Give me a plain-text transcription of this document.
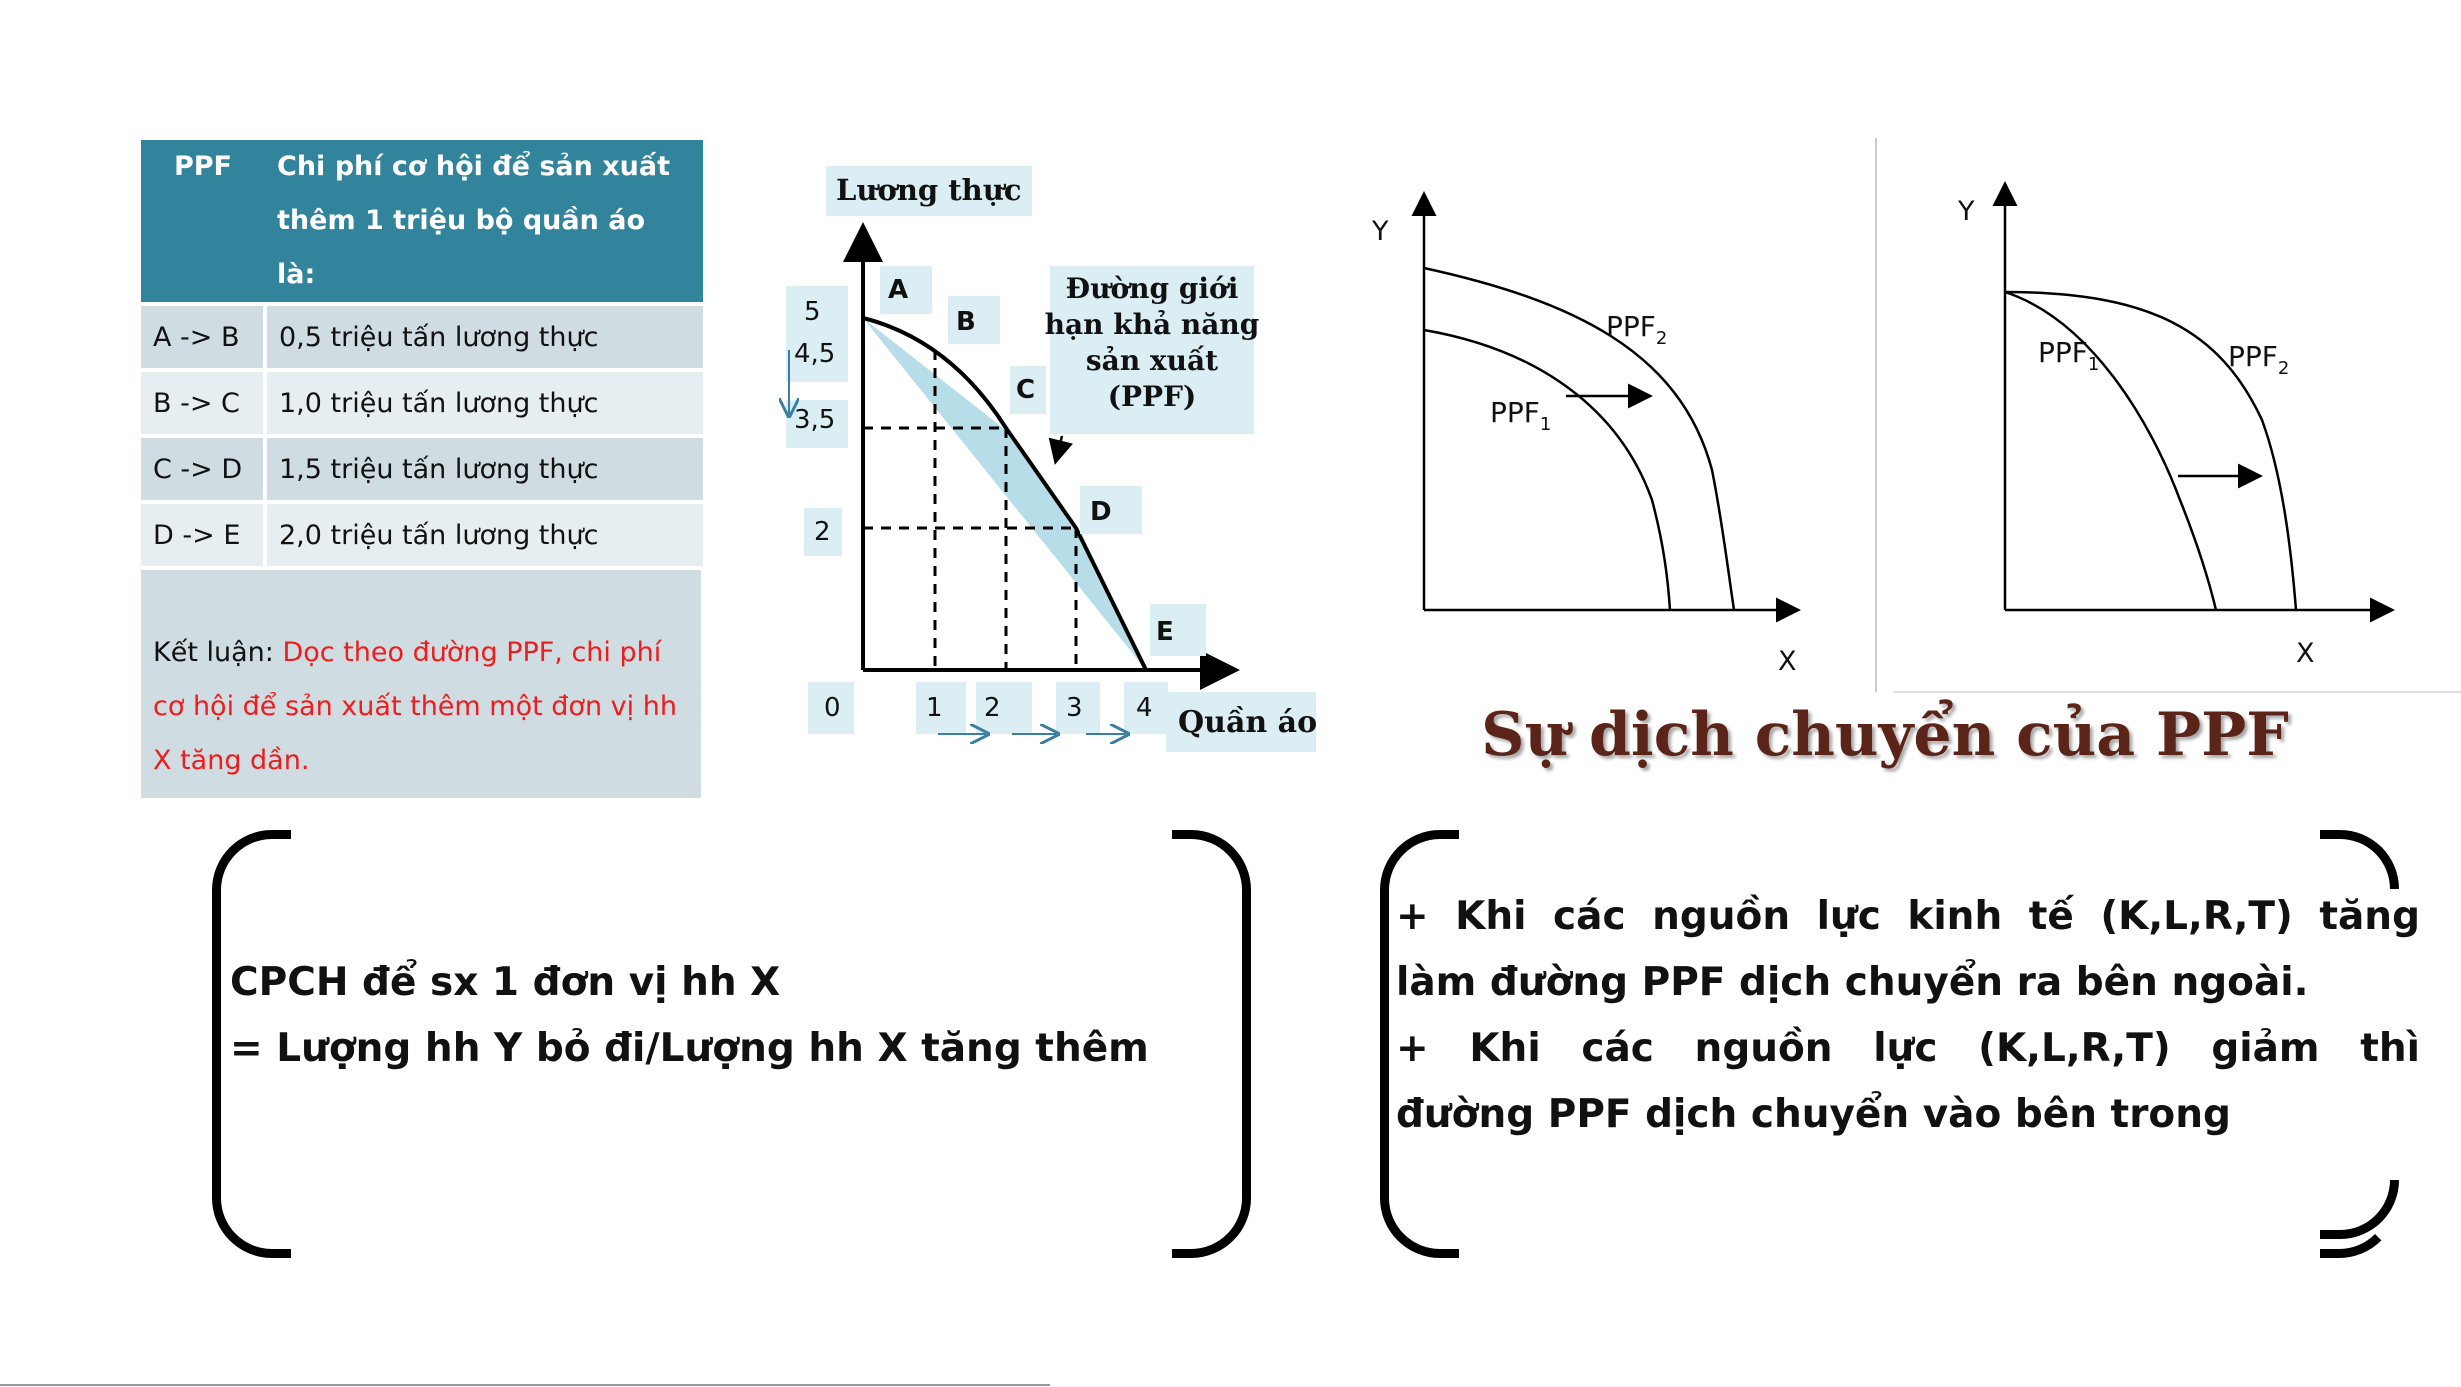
PPF	Chi phí cơ hội để sản xuất thêm 1 triệu bộ quần áo là:
A -> B	0,5 triệu tấn lương thực
B -> C	1,0 triệu tấn lương thực
C -> D	1,5 triệu tấn lương thực
D -> E	2,0 triệu tấn lương thực
Kết luận: Dọc theo đường PPF, chi phí cơ hội để sản xuất thêm một đơn vị hh X tăng dần.	
Lương thực
Đường giới
hạn khả năng
sản xuất
(PPF)
Quần áo
A
B
C
D
E
5
4,5
3,5
2
0	1 2	3 4
Y
X
$PPF_1$
$PPF_2$
Y
X
$PPF_1$	$PPF_2$
Sự dịch chuyển của PPF

CPCH để sx 1 đơn vị hh X

= Lượng hh Y bỏ đi/Lượng hh X tăng thêm

+ Khi các nguồn lực kinh tế (K,L,R,T) tăng

làm đường PPF dịch chuyển ra bên ngoài.

+ Khi các nguồn lực (K,L,R,T) giảm thì

đường PPF dịch chuyển vào bên trong
